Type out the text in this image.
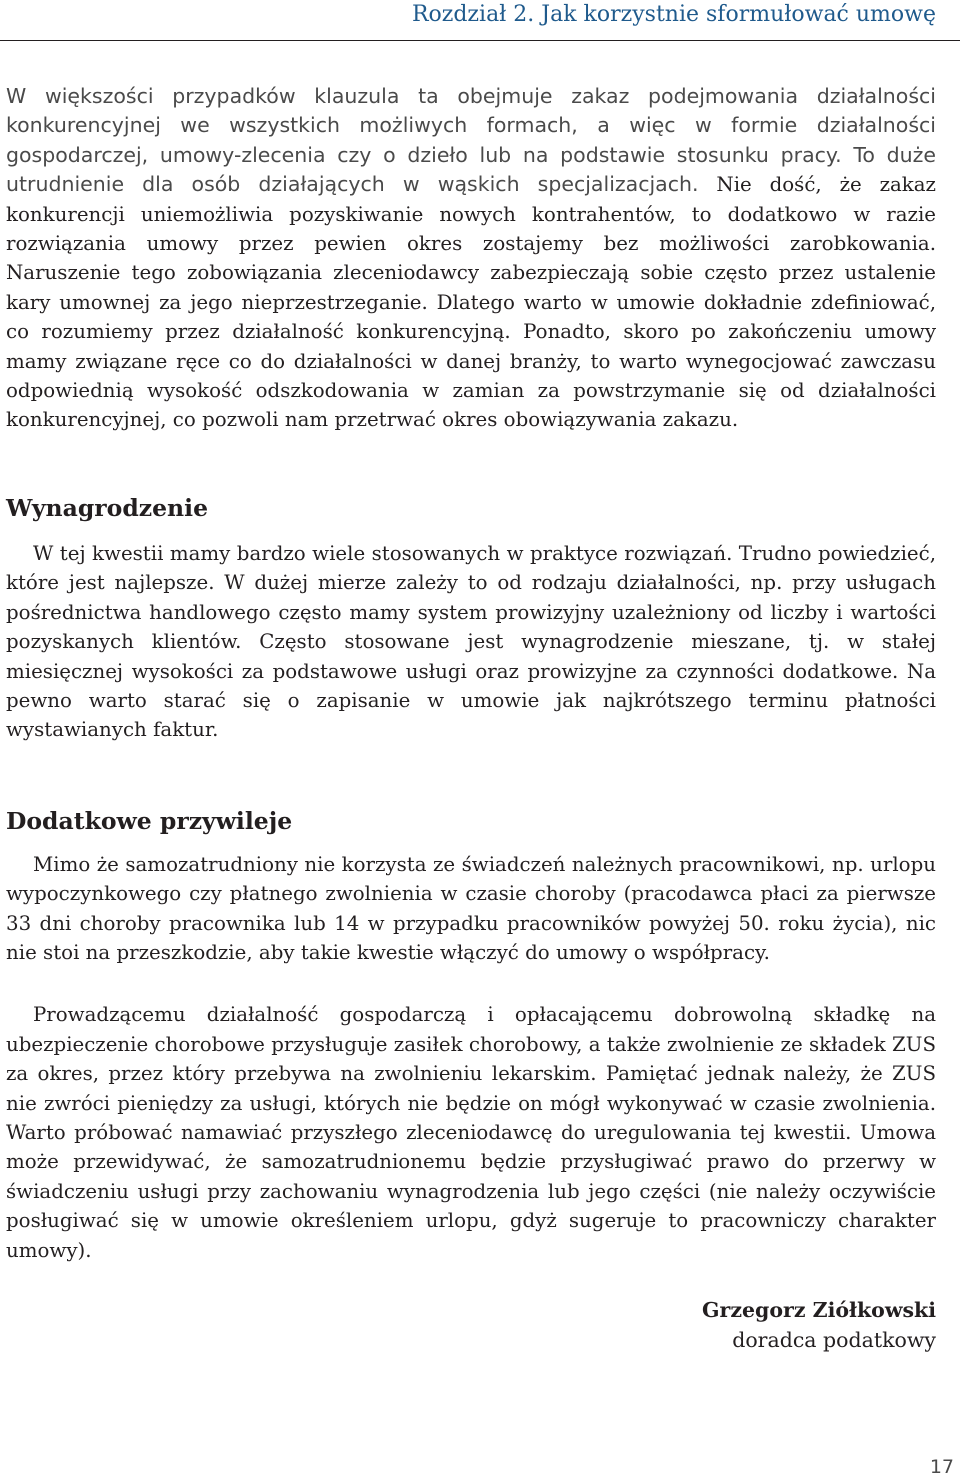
Rozdział 2. Jak korzystnie sformułować umowę

W większości przypadków klauzula ta obejmuje zakaz podejmowania działalności konkurencyjnej we wszystkich możliwych formach, a więc w formie działalności gospodarczej, umowy-zlecenia czy o dzieło lub na podstawie stosunku pracy. To duże utrudnienie dla osób działających w wąskich specjalizacjach. Nie dość, że zakaz konkurencji uniemożliwia pozyskiwanie nowych kontrahentów, to dodatkowo w razie rozwiązania umowy przez pewien okres zostajemy bez możliwości zarobkowania. Naruszenie tego zobowiązania zleceniodawcy zabezpieczają sobie często przez ustalenie kary umownej za jego nieprzestrzeganie. Dlatego warto w umowie dokładnie zdefiniować, co rozumiemy przez działalność konkurencyjną. Ponadto, skoro po zakończeniu umowy mamy związane ręce co do działalności w danej branży, to warto wynegocjować zawczasu odpowiednią wysokość odszkodowania w zamian za powstrzymanie się od działalności konkurencyjnej, co pozwoli nam przetrwać okres obowiązywania zakazu.

Wynagrodzenie

W tej kwestii mamy bardzo wiele stosowanych w praktyce rozwiązań. Trudno powiedzieć, które jest najlepsze. W dużej mierze zależy to od rodzaju działalności, np. przy usługach pośrednictwa handlowego często mamy system prowizyjny uzależniony od liczby i wartości pozyskanych klientów. Często stosowane jest wynagrodzenie mieszane, tj. w stałej miesięcznej wysokości za podstawowe usługi oraz prowizyjne za czynności dodatkowe. Na pewno warto starać się o zapisanie w umowie jak najkrótszego terminu płatności wystawianych faktur.

Dodatkowe przywileje

Mimo że samozatrudniony nie korzysta ze świadczeń należnych pracownikowi, np. urlopu wypoczynkowego czy płatnego zwolnienia w czasie choroby (pracodawca płaci za pierwsze 33 dni choroby pracownika lub 14 w przypadku pracowników powyżej 50. roku życia), nic nie stoi na przeszkodzie, aby takie kwestie włączyć do umowy o współpracy.

Prowadzącemu działalność gospodarczą i opłacającemu dobrowolną składkę na ubezpieczenie chorobowe przysługuje zasiłek chorobowy, a także zwolnienie ze składek ZUS za okres, przez który przebywa na zwolnieniu lekarskim. Pamiętać jednak należy, że ZUS nie zwróci pieniędzy za usługi, których nie będzie on mógł wykonywać w czasie zwolnienia. Warto próbować namawiać przyszłego zleceniodawcę do uregulowania tej kwestii. Umowa może przewidywać, że samozatrudnionemu będzie przysługiwać prawo do przerwy w świadczeniu usługi przy zachowaniu wynagrodzenia lub jego części (nie należy oczywiście posługiwać się w umowie określeniem urlopu, gdyż sugeruje to pracowniczy charakter umowy).

Grzegorz Ziółkowski
doradca podatkowy
17
